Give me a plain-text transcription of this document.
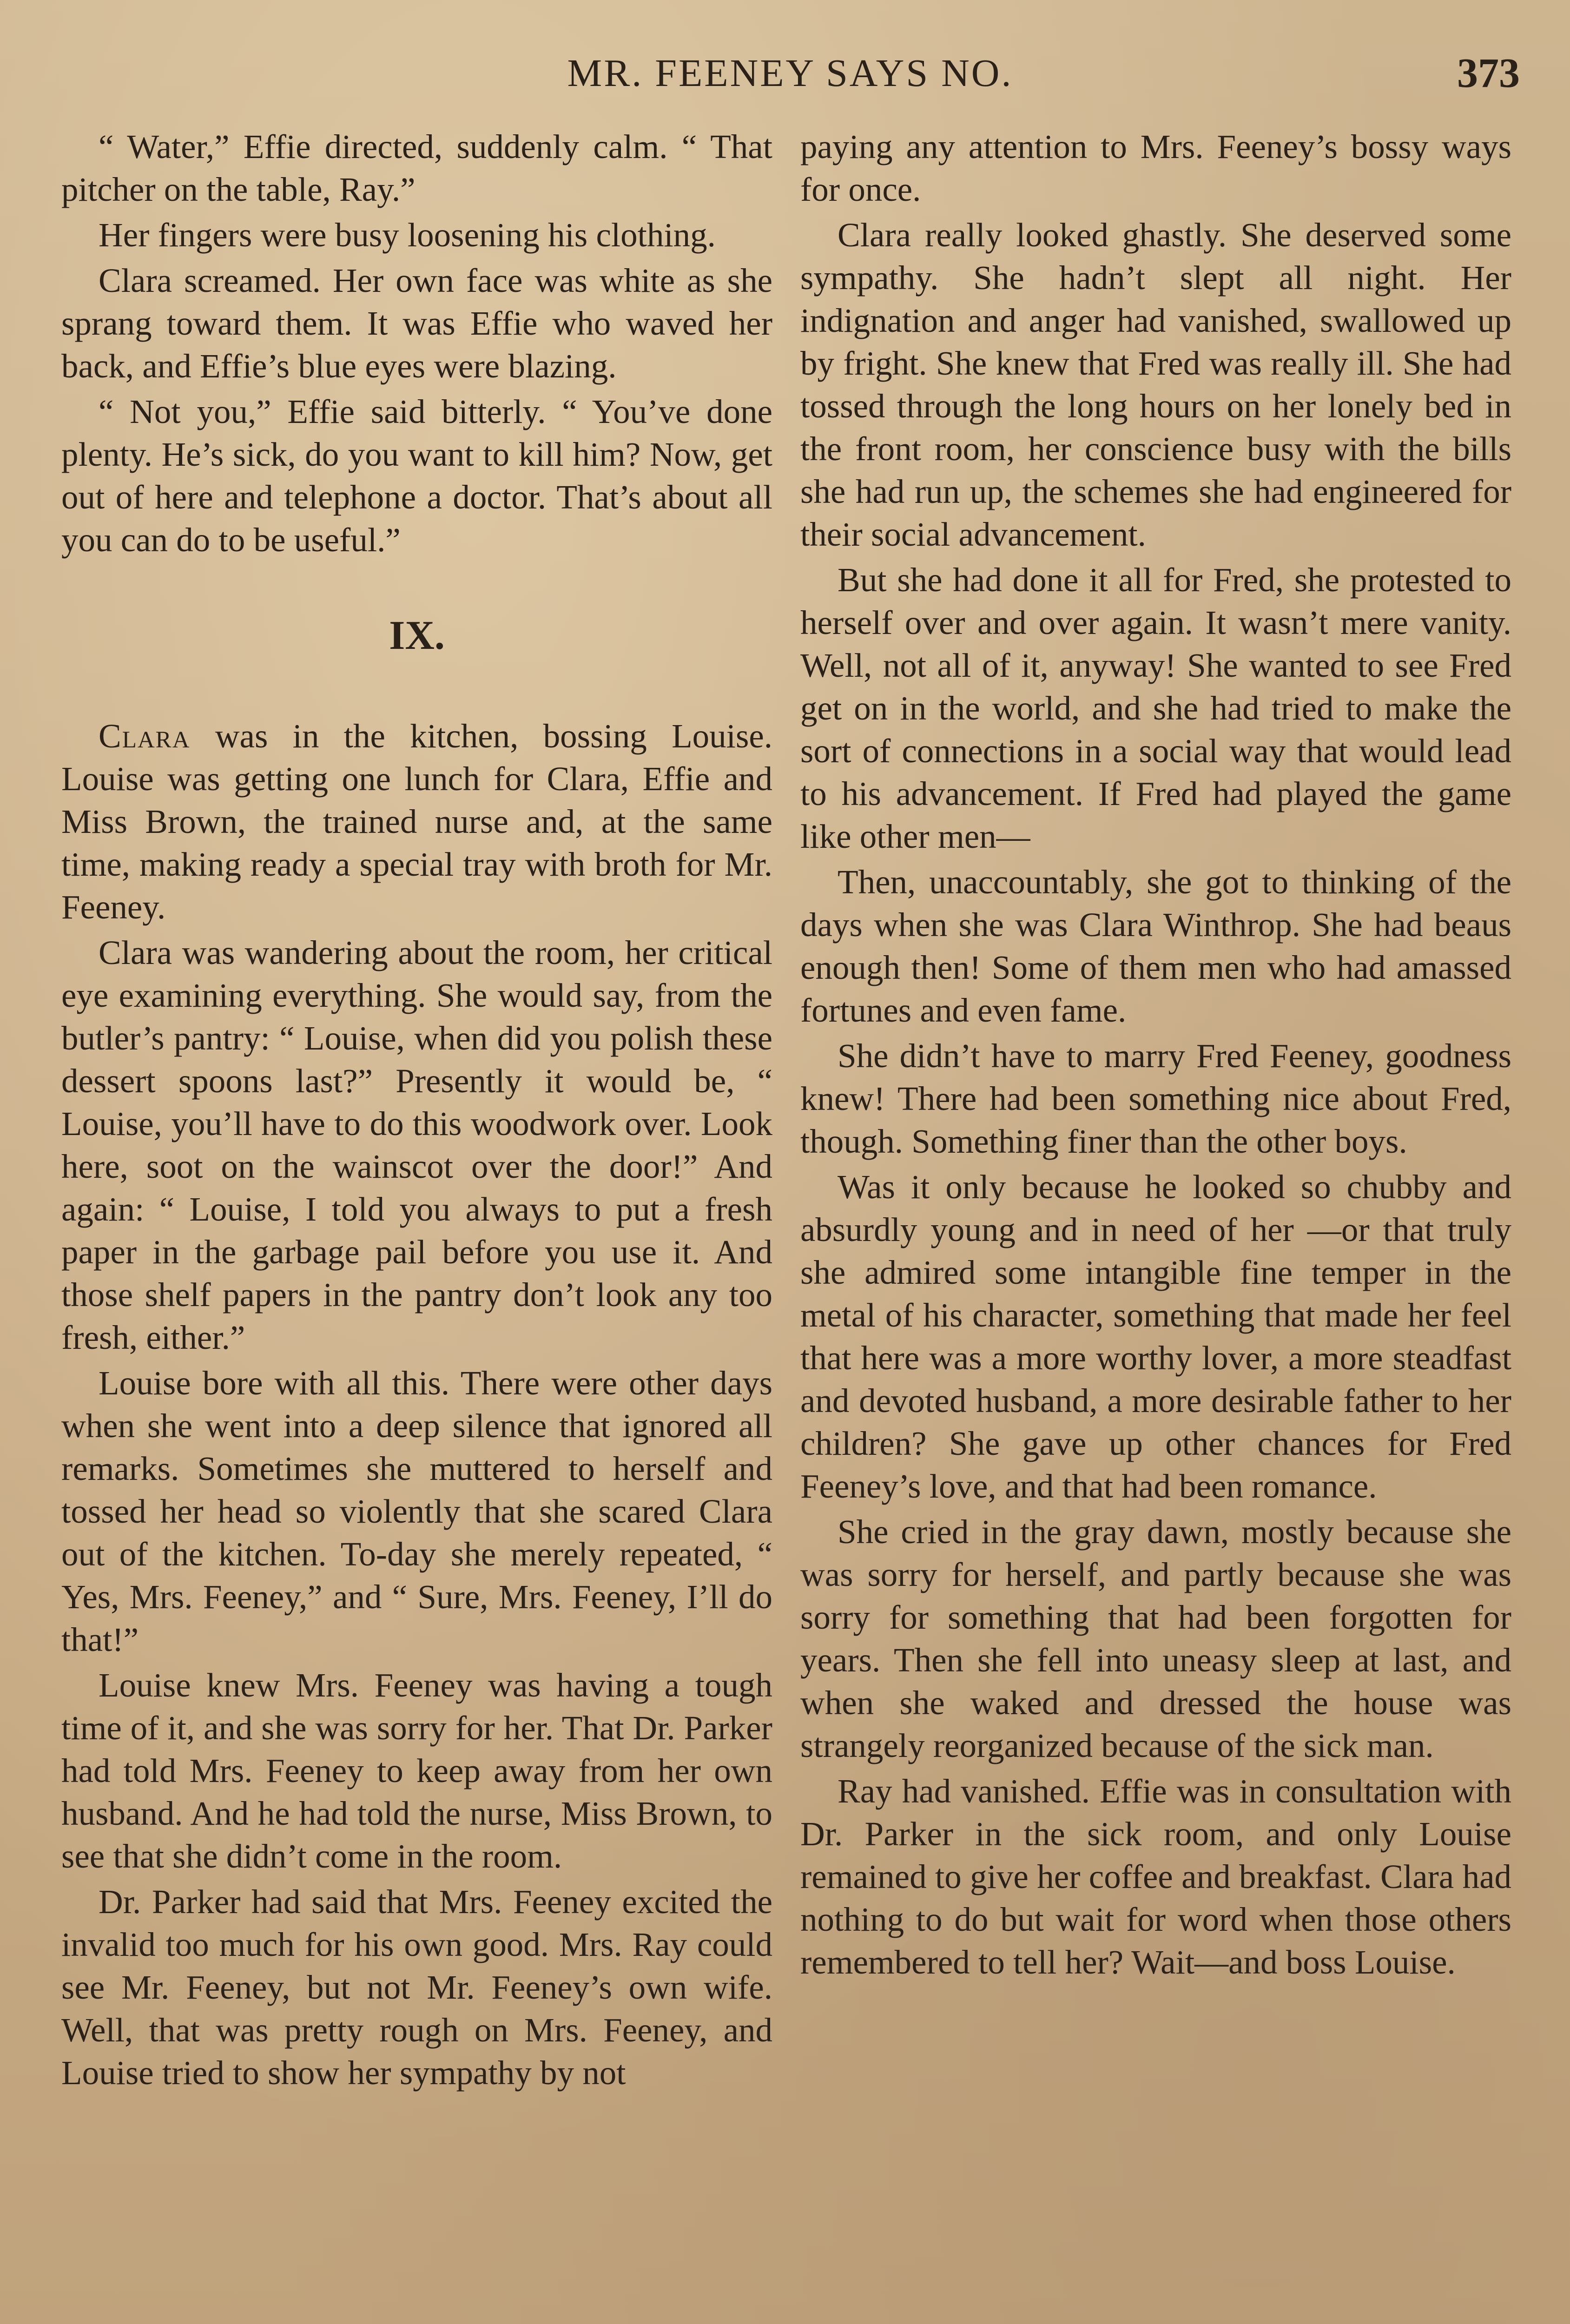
MR. FEENEY SAYS NO.	373

“ Water,” Effie directed, suddenly calm. “ That pitcher on the table, Ray.”

Her fingers were busy loosening his clothing.

Clara screamed. Her own face was white as she sprang toward them. It was Effie who waved her back, and Effie’s blue eyes were blazing.

“ Not you,” Effie said bitterly. “ You’ve done plenty. He’s sick, do you want to kill him? Now, get out of here and telephone a doctor. That’s about all you can do to be useful.”

IX.

Clara was in the kitchen, bossing Louise. Louise was getting one lunch for Clara, Effie and Miss Brown, the trained nurse and, at the same time, making ready a special tray with broth for Mr. Feeney.

Clara was wandering about the room, her critical eye examining everything. She would say, from the butler’s pantry: “ Louise, when did you polish these dessert spoons last?” Presently it would be, “ Louise, you’ll have to do this woodwork over. Look here, soot on the wainscot over the door!” And again: “ Louise, I told you always to put a fresh paper in the garbage pail before you use it. And those shelf papers in the pantry don’t look any too fresh, either.”

Louise bore with all this. There were other days when she went into a deep silence that ignored all remarks. Sometimes she muttered to herself and tossed her head so violently that she scared Clara out of the kitchen. To-day she merely repeated, “ Yes, Mrs. Feeney,” and “ Sure, Mrs. Feeney, I’ll do that!”

Louise knew Mrs. Feeney was having a tough time of it, and she was sorry for her. That Dr. Parker had told Mrs. Feeney to keep away from her own husband. And he had told the nurse, Miss Brown, to see that she didn’t come in the room.

Dr. Parker had said that Mrs. Feeney excited the invalid too much for his own good. Mrs. Ray could see Mr. Feeney, but not Mr. Feeney’s own wife. Well, that was pretty rough on Mrs. Feeney, and Louise tried to show her sympathy by not

paying any attention to Mrs. Feeney’s bossy ways for once.

Clara really looked ghastly. She deserved some sympathy. She hadn’t slept all night. Her indignation and anger had vanished, swallowed up by fright. She knew that Fred was really ill. She had tossed through the long hours on her lonely bed in the front room, her conscience busy with the bills she had run up, the schemes she had engineered for their social advancement.

But she had done it all for Fred, she protested to herself over and over again. It wasn’t mere vanity. Well, not all of it, anyway! She wanted to see Fred get on in the world, and she had tried to make the sort of connections in a social way that would lead to his advancement. If Fred had played the game like other men—

Then, unaccountably, she got to thinking of the days when she was Clara Winthrop. She had beaus enough then! Some of them men who had amassed fortunes and even fame.

She didn’t have to marry Fred Feeney, goodness knew! There had been something nice about Fred, though. Something finer than the other boys.

Was it only because he looked so chubby and absurdly young and in need of her —or that truly she admired some intangible fine temper in the metal of his character, something that made her feel that here was a more worthy lover, a more steadfast and devoted husband, a more desirable father to her children? She gave up other chances for Fred Feeney’s love, and that had been romance.

She cried in the gray dawn, mostly because she was sorry for herself, and partly because she was sorry for something that had been forgotten for years. Then she fell into uneasy sleep at last, and when she waked and dressed the house was strangely reorganized because of the sick man.

Ray had vanished. Effie was in consultation with Dr. Parker in the sick room, and only Louise remained to give her coffee and breakfast. Clara had nothing to do but wait for word when those others remembered to tell her? Wait—and boss Louise.
